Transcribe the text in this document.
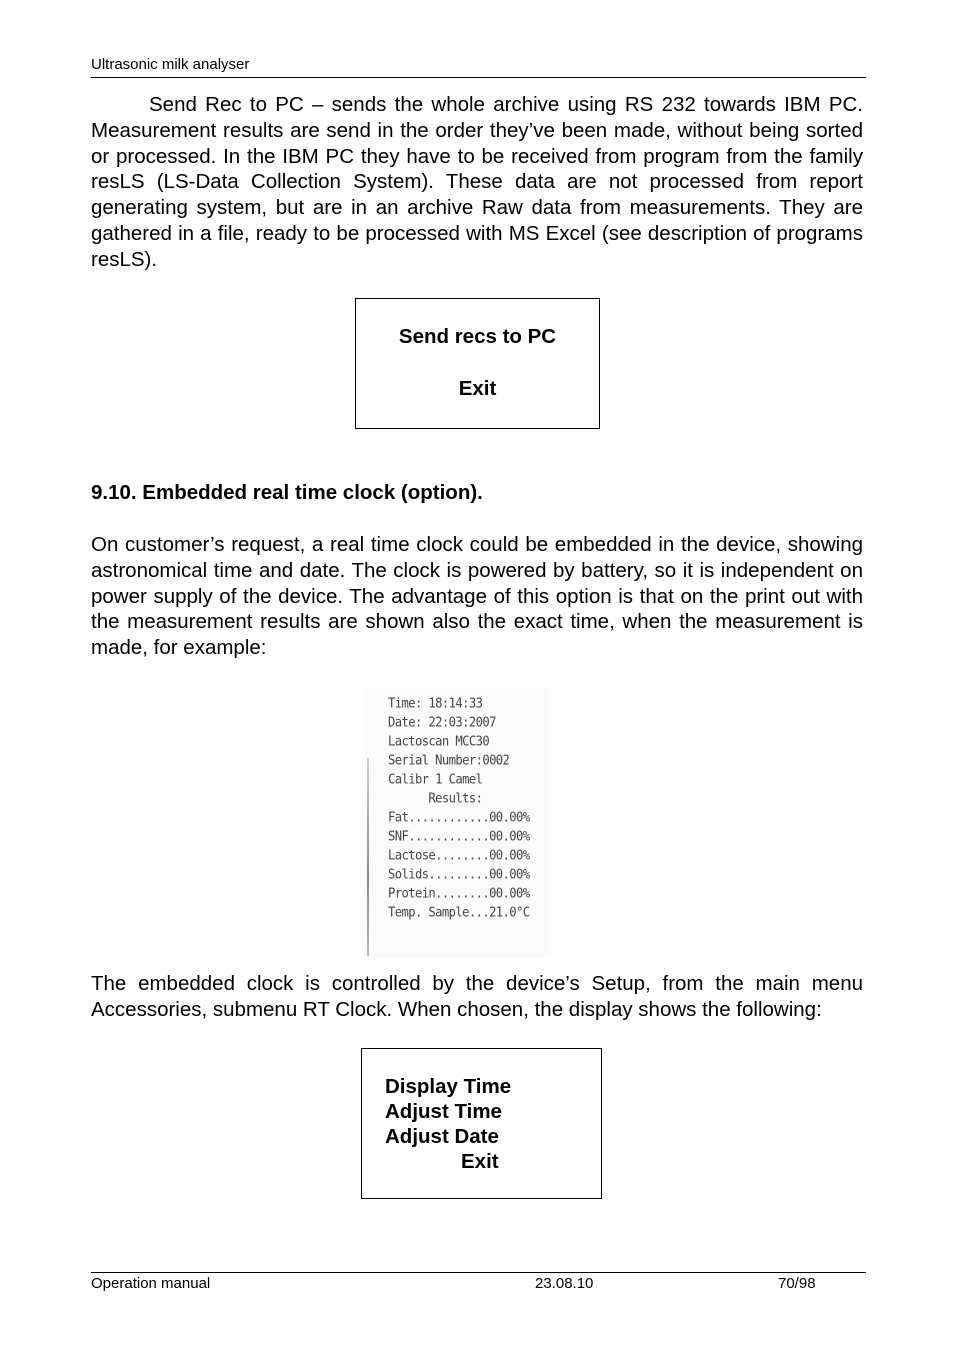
Ultrasonic milk analyser

Send Rec to PC – sends the whole archive using RS 232 towards IBM PC. Measurement results are send in the order they’ve been made, without being sorted or processed. In the IBM PC they have to be received from program from the family resLS (LS-Data Collection System). These data are not processed from report generating system, but are in an archive Raw data from measurements. They are gathered in a file, ready to be processed with MS Excel (see description of programs resLS).

Send recs to PC
Exit
9.10. Embedded real time clock (option).

On customer’s request, a real time clock could be embedded in the device, showing astronomical time and date. The clock is powered by battery, so it is independent on power supply of the device. The advantage of this option is that on the print out with the measurement results are shown also the exact time, when the measurement is made, for example:

Time: 18:14:33
Date: 22:03:2007
Lactoscan MCC30
Serial Number:0002
Calibr 1 Camel
Results:
Fat............00.00%
SNF............00.00%
Lactose........00.00%
Solids.........00.00%
Protein........00.00%
Temp. Sample...21.0°C

The embedded clock is controlled by the device’s Setup, from the main menu Accessories, submenu RT Clock. When chosen, the display shows the following:

Display Time
Adjust Time
Adjust Date
Exit
Operation manual	23.08.10	70/98
